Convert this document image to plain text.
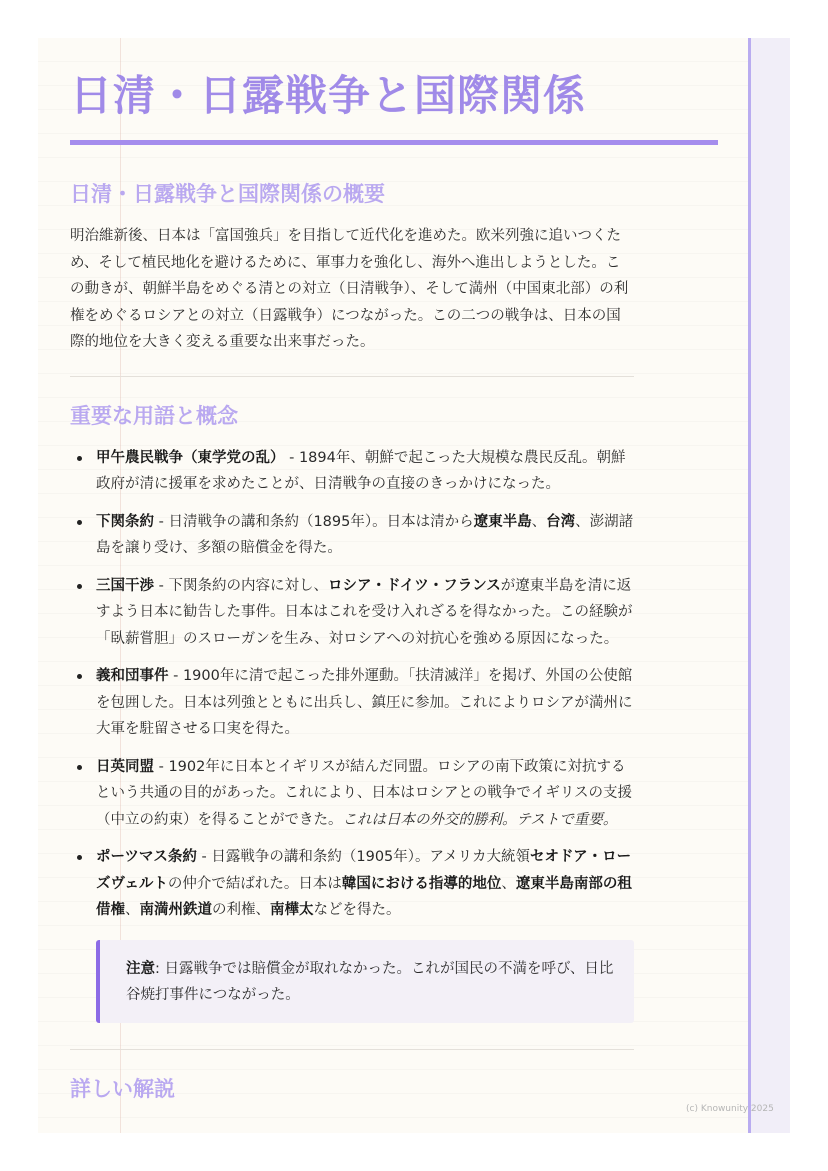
日清・日露戦争と国際関係
日清・日露戦争と国際関係の概要

明治維新後、日本は「富国強兵」を目指して近代化を進めた。欧米列強に追いつくため、そして植民地化を避けるために、軍事力を強化し、海外へ進出しようとした。この動きが、朝鮮半島をめぐる清との対立（日清戦争）、そして満州（中国東北部）の利権をめぐるロシアとの対立（日露戦争）につながった。この二つの戦争は、日本の国際的地位を大きく変える重要な出来事だった。

重要な用語と概念
甲午農民戦争（東学党の乱） - 1894年、朝鮮で起こった大規模な農民反乱。朝鮮政府が清に援軍を求めたことが、日清戦争の直接のきっかけになった。
下関条約 - 日清戦争の講和条約（1895年）。日本は清から遼東半島、台湾、澎湖諸島を譲り受け、多額の賠償金を得た。
三国干渉 - 下関条約の内容に対し、ロシア・ドイツ・フランスが遼東半島を清に返すよう日本に勧告した事件。日本はこれを受け入れざるを得なかった。この経験が「臥薪嘗胆」のスローガンを生み、対ロシアへの対抗心を強める原因になった。
義和団事件 - 1900年に清で起こった排外運動。「扶清滅洋」を掲げ、外国の公使館を包囲した。日本は列強とともに出兵し、鎮圧に参加。これによりロシアが満州に大軍を駐留させる口実を得た。
日英同盟 - 1902年に日本とイギリスが結んだ同盟。ロシアの南下政策に対抗するという共通の目的があった。これにより、日本はロシアとの戦争でイギリスの支援（中立の約束）を得ることができた。これは日本の外交的勝利。テストで重要。
ポーツマス条約 - 日露戦争の講和条約（1905年）。アメリカ大統領セオドア・ローズヴェルトの仲介で結ばれた。日本は韓国における指導的地位、遼東半島南部の租借権、南満州鉄道の利権、南樺太などを得た。
注意: 日露戦争では賠償金が取れなかった。これが国民の不満を呼び、日比谷焼打事件につながった。
詳しい解説
(c) Knowunity 2025
